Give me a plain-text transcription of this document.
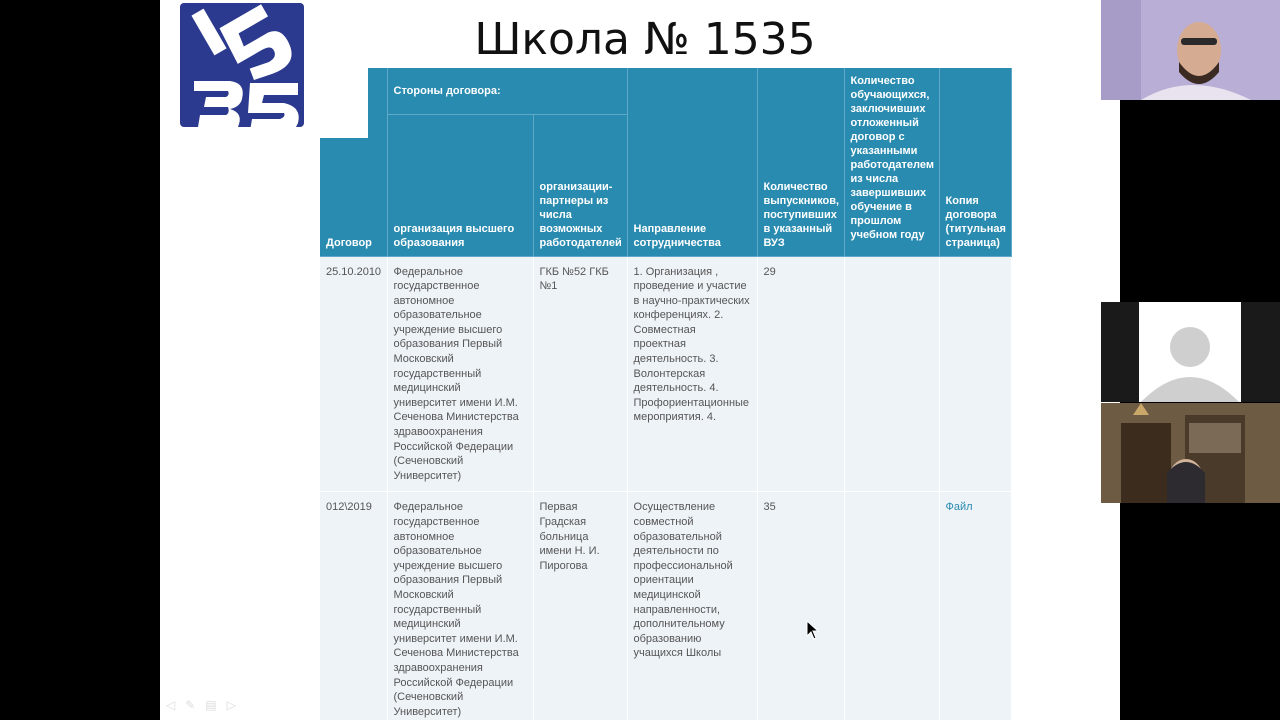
Школа № 1535
Договор	Стороны договора:		Направление сотрудничества	Количество выпускников, поступивших в указанный ВУЗ	Количество обучающихся, заключивших отложенный договор с указанными работодателем из числа завершивших обучение в прошлом учебном году	Копия договора (титульная страница)
	организация высшего образования	организации-партнеры из числа возможных работодателей				
25.10.2010	Федеральное государственное автономное образовательное учреждение высшего образования Первый Московский государственный медицинский университет имени И.М. Сеченова Министерства здравоохранения Российской Федерации (Сеченовский Университет)	ГКБ №52 ГКБ №1	1. Организация , проведение и участие в научно-практических конференциях. 2. Совместная проектная деятельность. 3. Волонтерская деятельность. 4. Профориентационные мероприятия. 4.	29		
012\2019	Федеральное государственное автономное образовательное учреждение высшего образования Первый Московский государственный медицинский университет имени И.М. Сеченова Министерства здравоохранения Российской Федерации (Сеченовский Университет)	Первая Градская больница имени Н. И. Пирогова	Осуществление совместной образовательной деятельности по профессиональной ориентации медицинской направленности, дополнительному образованию учащихся Школы	35		Файл
◁ ✎ ▤ ▷
